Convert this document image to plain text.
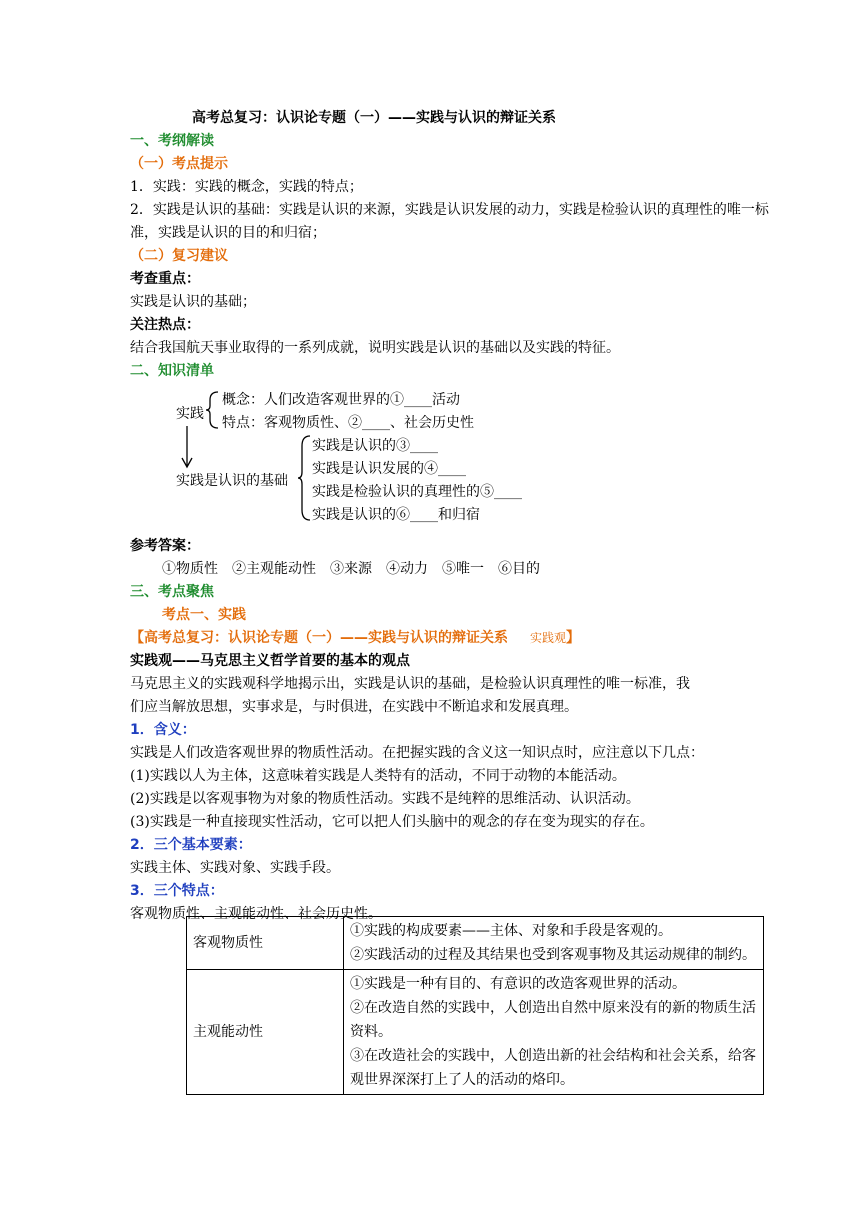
高考总复习：认识论专题（一）——实践与认识的辩证关系
一、考纲解读
（一）考点提示
1．实践：实践的概念，实践的特点；
2．实践是认识的基础：实践是认识的来源，实践是认识发展的动力，实践是检验认识的真理性的唯一标
准，实践是认识的目的和归宿；
（二）复习建议
考查重点：
实践是认识的基础；
关注热点：
结合我国航天事业取得的一系列成就，说明实践是认识的基础以及实践的特征。
二、知识清单
实践
概念：人们改造客观世界的①____活动
特点：客观物质性、②____、社会历史性
实践是认识的基础
实践是认识的③____
实践是认识发展的④____
实践是检验认识的真理性的⑤____
实践是认识的⑥____和归宿
参考答案：
①物质性　②主观能动性　③来源　④动力　⑤唯一　⑥目的
三、考点聚焦
考点一、实践
【高考总复习：认识论专题（一）——实践与认识的辩证关系 实践观】
实践观——马克思主义哲学首要的基本的观点
马克思主义的实践观科学地揭示出，实践是认识的基础，是检验认识真理性的唯一标准，我
们应当解放思想，实事求是，与时俱进，在实践中不断追求和发展真理。
1．含义：
实践是人们改造客观世界的物质性活动。在把握实践的含义这一知识点时，应注意以下几点：
(1)实践以人为主体，这意味着实践是人类特有的活动，不同于动物的本能活动。
(2)实践是以客观事物为对象的物质性活动。实践不是纯粹的思维活动、认识活动。
(3)实践是一种直接现实性活动，它可以把人们头脑中的观念的存在变为现实的存在。
2．三个基本要素：
实践主体、实践对象、实践手段。
3．三个特点：
客观物质性、主观能动性、社会历史性。
客观物质性	①实践的构成要素——主体、对象和手段是客观的。
②实践活动的过程及其结果也受到客观事物及其运动规律的制约。

主观能动性	①实践是一种有目的、有意识的改造客观世界的活动。
②在改造自然的实践中，人创造出自然中原来没有的新的物质生活资料。
③在改造社会的实践中，人创造出新的社会结构和社会关系，给客观世界深深打上了人的活动的烙印。
